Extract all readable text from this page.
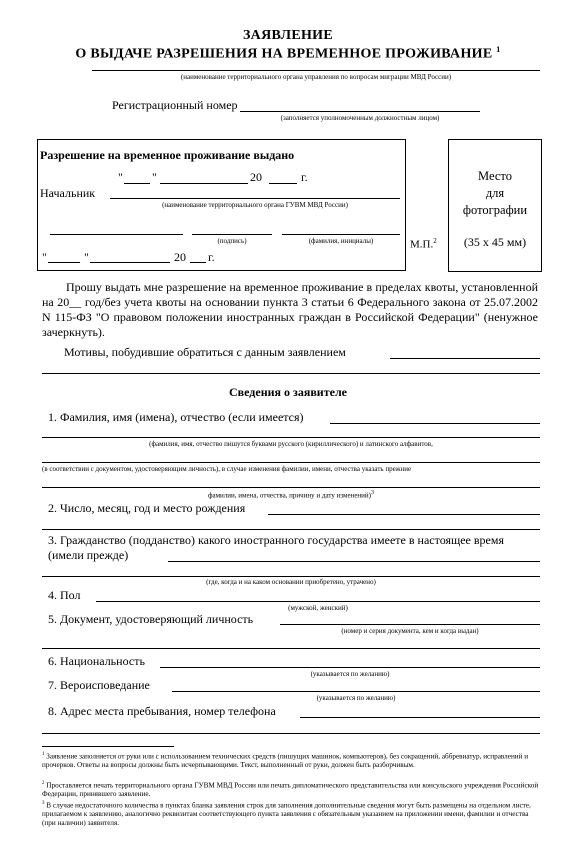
ЗАЯВЛЕНИЕ
О ВЫДАЧЕ РАЗРЕШЕНИЯ НА ВРЕМЕННОЕ ПРОЖИВАНИЕ $^1$
(наименование территориального органа управления по вопросам миграции МВД России)
Регистрационный номер
(заполняется уполномоченным должностным лицом)
Разрешение на временное проживание выдано
" "	20	г.
Начальник
(наименование территориального органа ГУВМ МВД России)
(подпись)	(фамилия, инициалы)	М.П.$^2$
"	"	20 г.
Место
для
фотографии
(35 х 45 мм)
Прошу выдать мне разрешение на временное проживание в пределах квоты, установленной на 20__ год/без учета квоты на основании пункта 3 статьи 6 Федерального закона от 25.07.2002 N 115-ФЗ "О правовом положении иностранных граждан в Российской Федерации" (ненужное зачеркнуть).
Мотивы, побудившие обратиться с данным заявлением
Сведения о заявителе
1. Фамилия, имя (имена), отчество (если имеется)
(фамилия, имя, отчество пишутся буквами русского (кириллического) и латинского алфавитов,
(в соответствии с документом, удостоверяющим личность), в случае изменения фамилии, имени, отчества указать прежние
фамилии, имена, отчества, причину и дату изменений)$^3$
2. Число, месяц, год и место рождения
3. Гражданство (подданство) какого иностранного государства имеете в настоящее время (имели прежде)
(где, когда и на каком основании приобретено, утрачено)
4. Пол
(мужской, женский)
5. Документ, удостоверяющий личность
(номер и серия документа, кем и когда выдан)
6. Национальность
(указывается по желанию)
7. Вероисповедание
(указывается по желанию)
8. Адрес места пребывания, номер телефона
$^1$ Заявление заполняется от руки или с использованием технических средств (пишущих машинок, компьютеров), без сокращений, аббревиатур, исправлений и прочерков. Ответы на вопросы должны быть исчерпывающими. Текст, выполненный от руки, должен быть разборчивым.
$^2$ Проставляется печать территориального органа ГУВМ МВД России или печать дипломатического представительства или консульского учреждения Российской Федерации, принявшего заявление.
$^3$ В случае недостаточного количества в пунктах бланка заявления строк для заполнения дополнительные сведения могут быть размещены на отдельном листе, прилагаемом к заявлению, аналогично реквизитам соответствующего пункта заявления с обязательным указанием на приложении имени, фамилии и отчества (при наличии) заявителя.
